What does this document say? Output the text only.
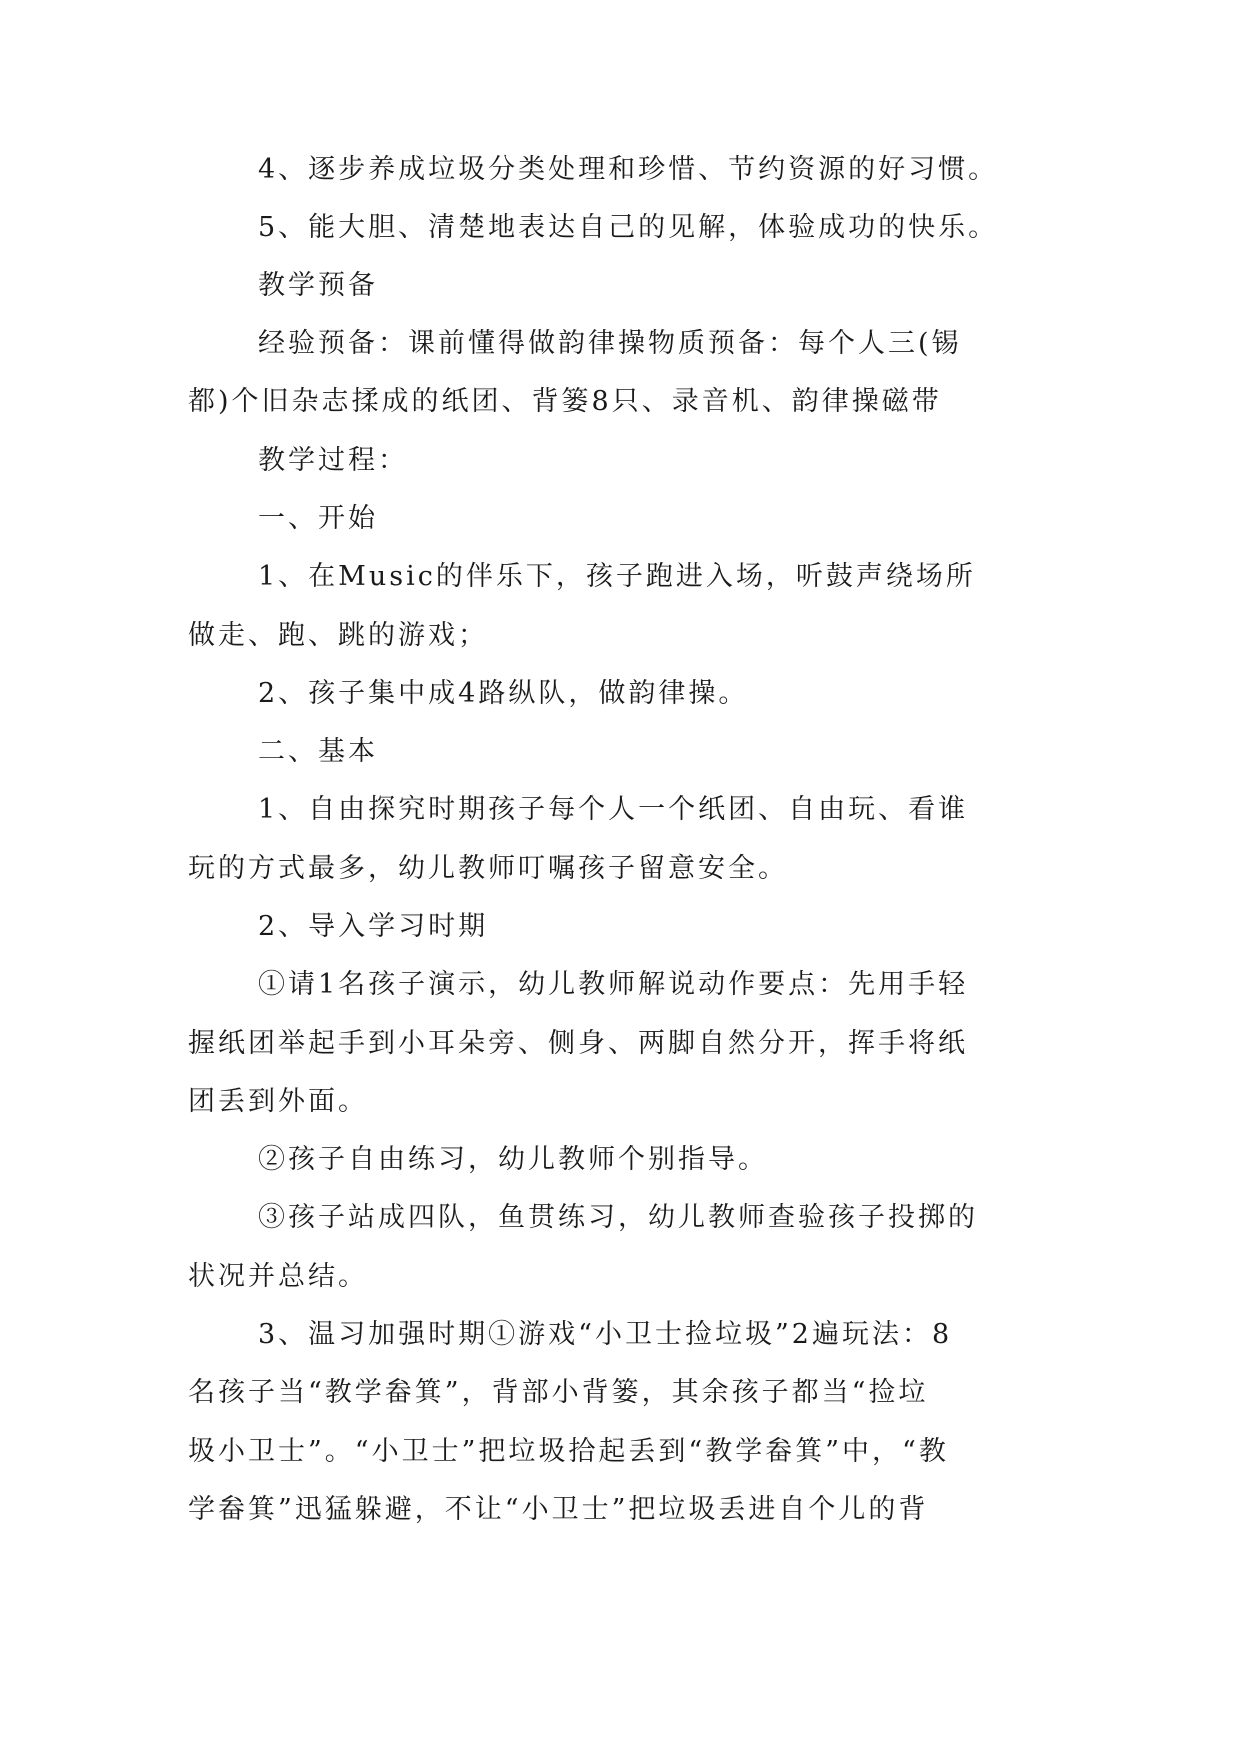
4、逐步养成垃圾分类处理和珍惜、节约资源的好习惯。
5、能大胆、清楚地表达自己的见解，体验成功的快乐。
教学预备
经验预备：课前懂得做韵律操物质预备：每个人三(锡
都)个旧杂志揉成的纸团、背篓8只、录音机、韵律操磁带
教学过程：
一、开始
1、在Music的伴乐下，孩子跑进入场，听鼓声绕场所
做走、跑、跳的游戏；
2、孩子集中成4路纵队，做韵律操。
二、基本
1、自由探究时期孩子每个人一个纸团、自由玩、看谁
玩的方式最多，幼儿教师叮嘱孩子留意安全。
2、导入学习时期
①请1名孩子演示，幼儿教师解说动作要点：先用手轻
握纸团举起手到小耳朵旁、侧身、两脚自然分开，挥手将纸
团丢到外面。
②孩子自由练习，幼儿教师个别指导。
③孩子站成四队，鱼贯练习，幼儿教师查验孩子投掷的
状况并总结。
3、温习加强时期①游戏“小卫士捡垃圾”2遍玩法：8
名孩子当“教学畚箕”，背部小背篓，其余孩子都当“捡垃
圾小卫士”。“小卫士”把垃圾拾起丢到“教学畚箕”中，“教
学畚箕”迅猛躲避，不让“小卫士”把垃圾丢进自个儿的背
